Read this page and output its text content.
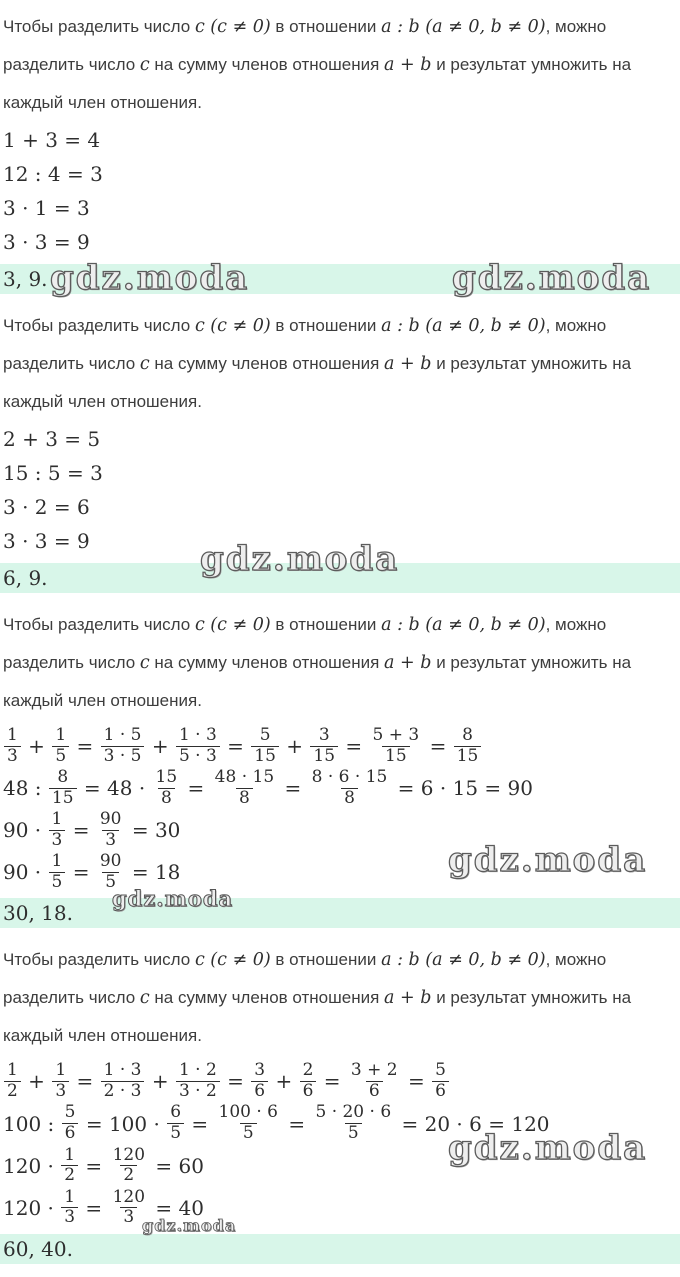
Чтобы разделить число c (c ≠ 0) в отношении a : b (a ≠ 0, b ≠ 0), можно разделить число c на сумму членов отношения a + b и результат умножить на каждый член отношения.

1 + 3 = 4
12 : 4 = 3
3 · 1 = 3
3 · 3 = 9
3, 9. gdz.moda	gdz.moda

Чтобы разделить число c (c ≠ 0) в отношении a : b (a ≠ 0, b ≠ 0), можно разделить число c на сумму членов отношения a + b и результат умножить на каждый член отношения.

2 + 3 = 5
15 : 5 = 3
3 · 2 = 6
3 · 3 = 9
6, 9.	gdz.moda

Чтобы разделить число c (c ≠ 0) в отношении a : b (a ≠ 0, b ≠ 0), можно разделить число c на сумму членов отношения a + b и результат умножить на каждый член отношения.

$\frac{1}{3} + \frac{1}{5} = \frac{1 \cdot 5}{3 \cdot 5} + \frac{1 \cdot 3}{5 \cdot 3} = \frac{5}{15} + \frac{3}{15} = \frac{5 + 3}{15} = \frac{8}{15}$
48 : $\frac{8}{15} = 48 \cdot \frac{15}{8} = \frac{48 \cdot 15}{8} = \frac{8 \cdot 6 \cdot 15}{8} = 6 \cdot 15 = 90$
$90 \cdot \frac{1}{3} = \frac{90}{3} = 30$
$90 \cdot \frac{1}{5} = \frac{90}{5} = 18$
30, 18.
gdz.moda
gdz.moda

Чтобы разделить число c (c ≠ 0) в отношении a : b (a ≠ 0, b ≠ 0), можно разделить число c на сумму членов отношения a + b и результат умножить на каждый член отношения.

$\frac{1}{2} + \frac{1}{3} = \frac{1 \cdot 3}{2 \cdot 3} + \frac{1 \cdot 2}{3 \cdot 2} = \frac{3}{6} + \frac{2}{6} = \frac{3 + 2}{6} = \frac{5}{6}$
100 : $\frac{5}{6} = 100 \cdot \frac{6}{5} = \frac{100 \cdot 6}{5} = \frac{5 \cdot 20 \cdot 6}{5} = 20 \cdot 6 = 120$
$120 \cdot \frac{1}{2} = \frac{120}{2} = 60$
$120 \cdot \frac{1}{3} = \frac{120}{3} = 40$
60, 40.
gdz.moda
gdz.moda
